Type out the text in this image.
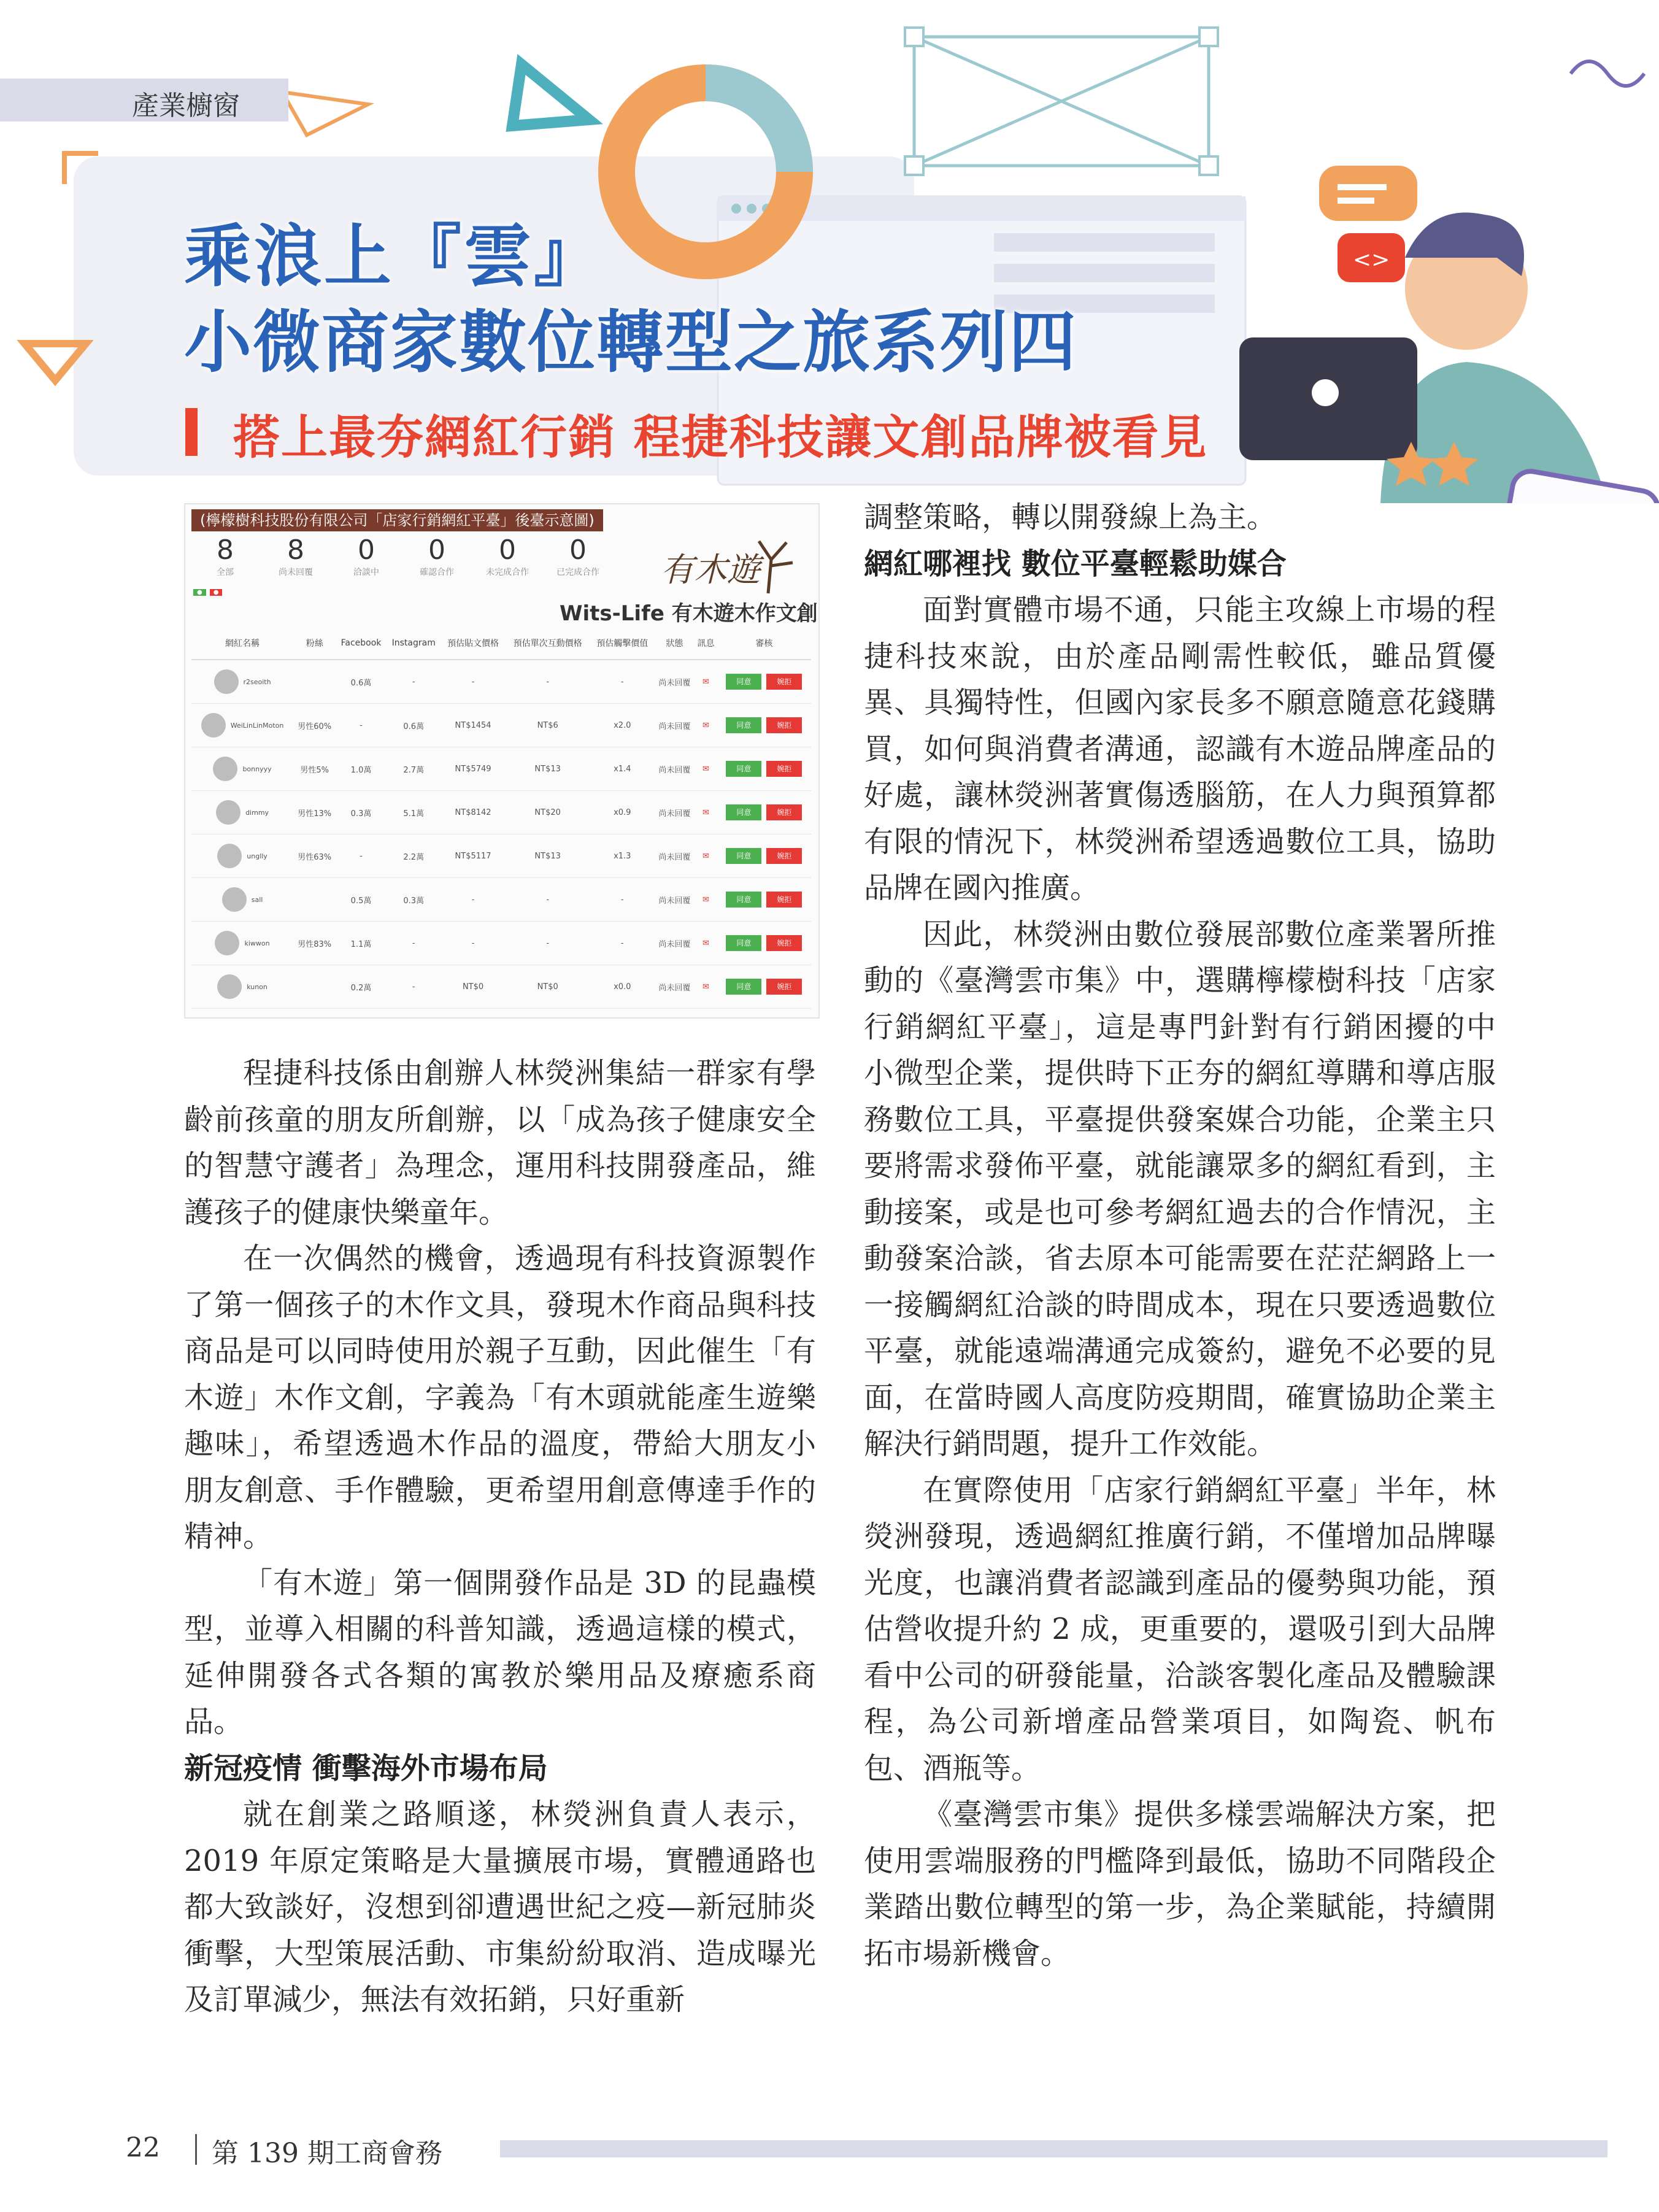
<>
產業櫥窗
乘浪上『雲』
小微商家數位轉型之旅系列四
搭上最夯網紅行銷 程捷科技讓文創品牌被看見
(檸檬樹科技股份有限公司「店家行銷網紅平臺」後臺示意圖)
8
全部
8
尚未回覆
0
洽談中
0
確認合作
0
未完成合作
0
已完成合作	有木遊
Wits-Life 有木遊木作文創
● ●
網紅名稱	粉絲	Facebook	Instagram	預估貼文價格	預估單次互動價格	預估觸擊價值	狀態	訊息	審核
r2seoith		0.6萬	-	-	-	-	尚未回覆	✉	同意 婉拒
WeiLinLinMoton	男性60%	-	0.6萬	NT$1454	NT$6	x2.0	尚未回覆	✉	同意 婉拒
bonnyyy	男性5%	1.0萬	2.7萬	NT$5749	NT$13	x1.4	尚未回覆	✉	同意 婉拒
dimmy	男性13%	0.3萬	5.1萬	NT$8142	NT$20	x0.9	尚未回覆	✉	同意 婉拒
unglly	男性63%	-	2.2萬	NT$5117	NT$13	x1.3	尚未回覆	✉	同意 婉拒
sall		0.5萬	0.3萬	-	-	-	尚未回覆	✉	同意 婉拒
kiwwon	男性83%	1.1萬	-	-	-	-	尚未回覆	✉	同意 婉拒
kunon		0.2萬	-	NT$0	NT$0	x0.0	尚未回覆	✉	同意 婉拒

程捷科技係由創辦人林熒洲集結一群家有學齡前孩童的朋友所創辦，以「成為孩子健康安全的智慧守護者」為理念，運用科技開發產品，維護孩子的健康快樂童年。

在一次偶然的機會，透過現有科技資源製作了第一個孩子的木作文具，發現木作商品與科技商品是可以同時使用於親子互動，因此催生「有木遊」木作文創，字義為「有木頭就能產生遊樂趣味」，希望透過木作品的溫度，帶給大朋友小朋友創意、手作體驗，更希望用創意傳達手作的精神。

「有木遊」第一個開發作品是 3D 的昆蟲模型，並導入相關的科普知識，透過這樣的模式，延伸開發各式各類的寓教於樂用品及療癒系商品。

新冠疫情 衝擊海外市場布局

就在創業之路順遂，林熒洲負責人表示，2019 年原定策略是大量擴展市場，實體通路也都大致談好，沒想到卻遭遇世紀之疫—新冠肺炎衝擊，大型策展活動、市集紛紛取消、造成曝光及訂單減少，無法有效拓銷，只好重新

調整策略，轉以開發線上為主。

網紅哪裡找 數位平臺輕鬆助媒合

面對實體市場不通，只能主攻線上市場的程捷科技來說，由於產品剛需性較低，雖品質優異、具獨特性，但國內家長多不願意隨意花錢購買，如何與消費者溝通，認識有木遊品牌產品的好處，讓林熒洲著實傷透腦筋，在人力與預算都有限的情況下，林熒洲希望透過數位工具，協助品牌在國內推廣。

因此，林熒洲由數位發展部數位產業署所推動的《臺灣雲市集》中，選購檸檬樹科技「店家行銷網紅平臺」，這是專門針對有行銷困擾的中小微型企業，提供時下正夯的網紅導購和導店服務數位工具，平臺提供發案媒合功能，企業主只要將需求發佈平臺，就能讓眾多的網紅看到，主動接案，或是也可參考網紅過去的合作情況，主動發案洽談，省去原本可能需要在茫茫網路上一一接觸網紅洽談的時間成本，現在只要透過數位平臺，就能遠端溝通完成簽約，避免不必要的見面，在當時國人高度防疫期間，確實協助企業主解決行銷問題，提升工作效能。

在實際使用「店家行銷網紅平臺」半年，林熒洲發現，透過網紅推廣行銷，不僅增加品牌曝光度，也讓消費者認識到產品的優勢與功能，預估營收提升約 2 成，更重要的，還吸引到大品牌看中公司的研發能量，洽談客製化產品及體驗課程，為公司新增產品營業項目，如陶瓷、帆布包、酒瓶等。

《臺灣雲市集》提供多樣雲端解決方案，把使用雲端服務的門檻降到最低，協助不同階段企業踏出數位轉型的第一步，為企業賦能，持續開拓市場新機會。

22 第 139 期工商會務
